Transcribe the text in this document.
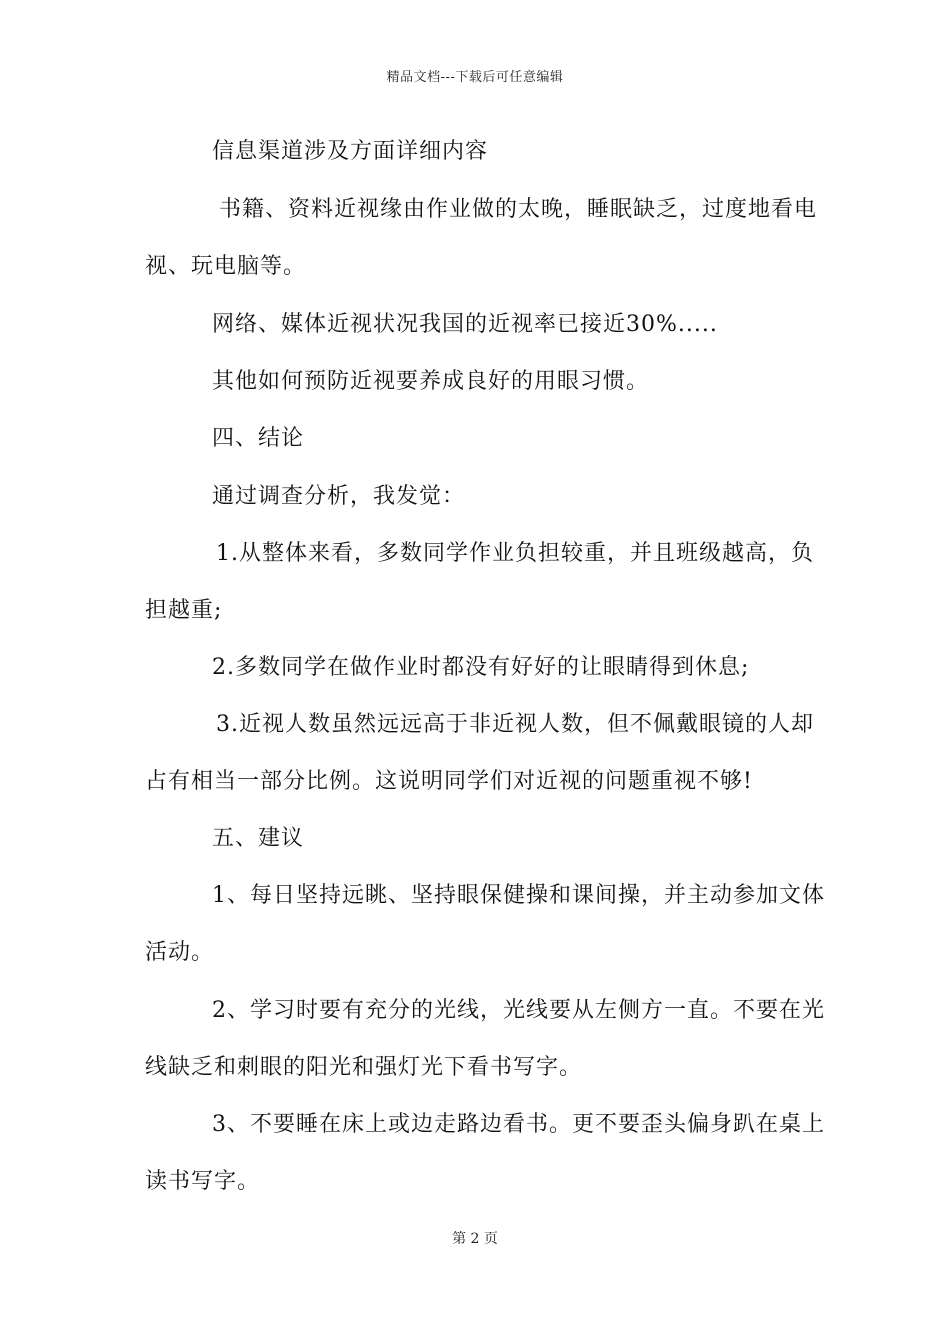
精品文档---下载后可任意编辑
信息渠道涉及方面详细内容
书籍、资料近视缘由作业做的太晚，睡眠缺乏，过度地看电
视、玩电脑等。
网络、媒体近视状况我国的近视率已接近30%.....
其他如何预防近视要养成良好的用眼习惯。
四、结论
通过调查分析，我发觉：
1.从整体来看，多数同学作业负担较重，并且班级越高，负
担越重;
2.多数同学在做作业时都没有好好的让眼睛得到休息;
3.近视人数虽然远远高于非近视人数，但不佩戴眼镜的人却
占有相当一部分比例。这说明同学们对近视的问题重视不够!
五、建议
1、每日坚持远眺、坚持眼保健操和课间操，并主动参加文体
活动。
2、学习时要有充分的光线，光线要从左侧方一直。不要在光
线缺乏和刺眼的阳光和强灯光下看书写字。
3、不要睡在床上或边走路边看书。更不要歪头偏身趴在桌上
读书写字。
第 2 页
